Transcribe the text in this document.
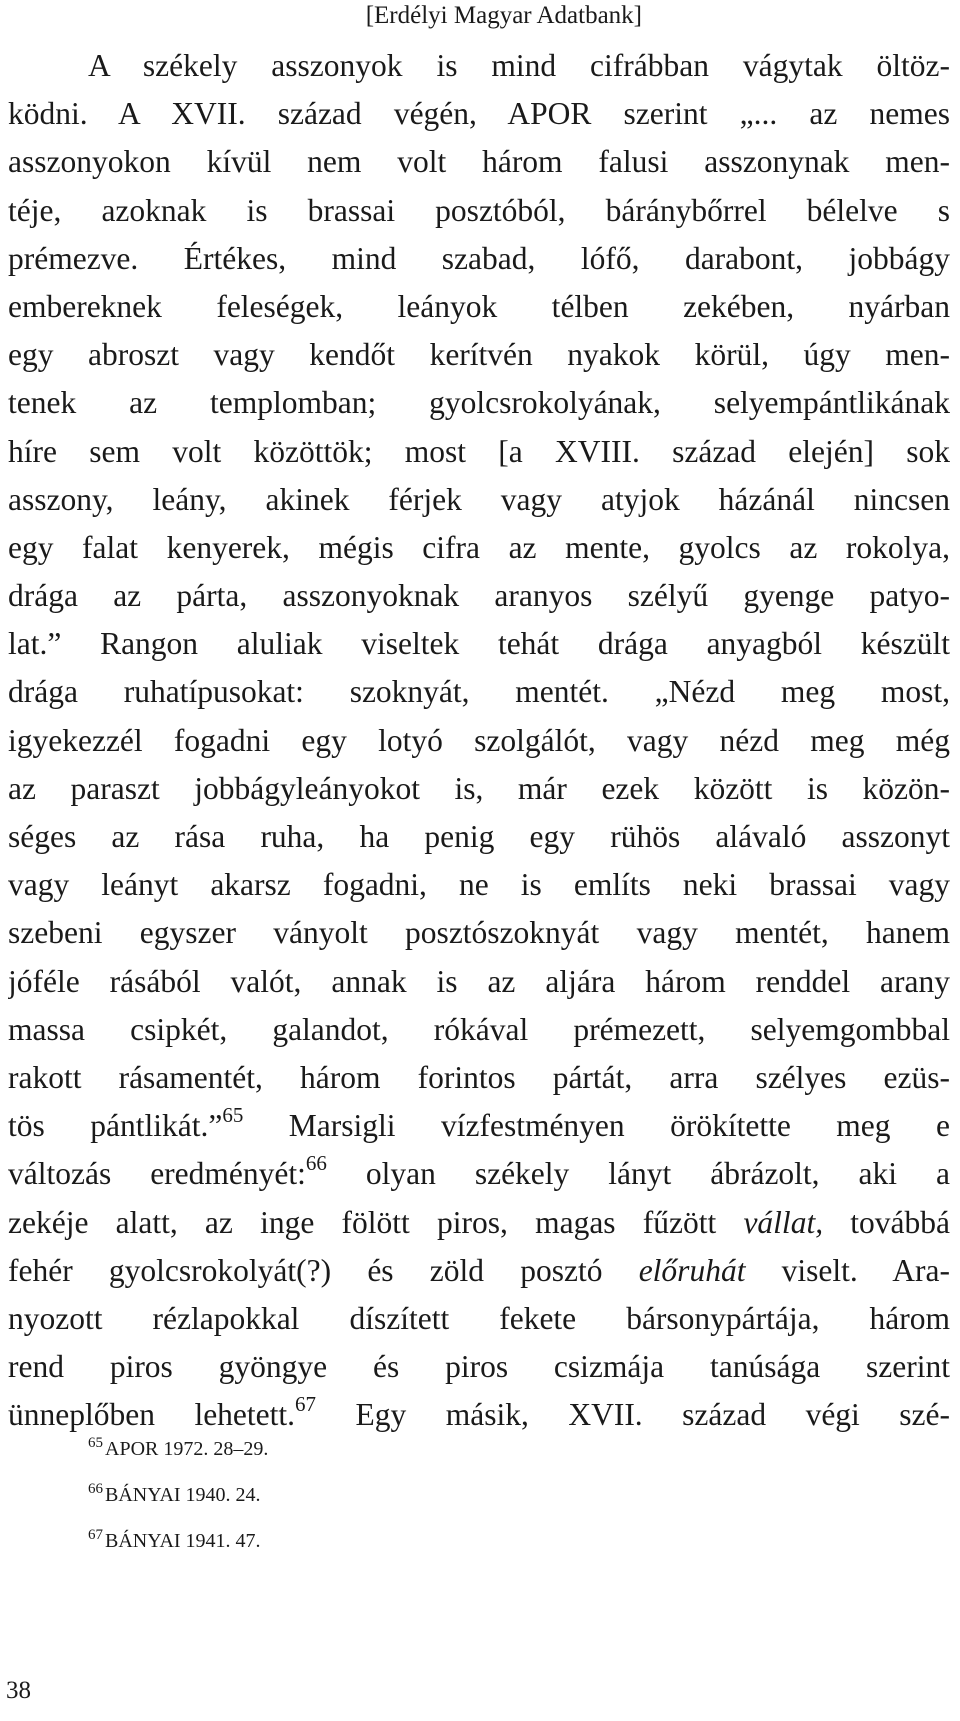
[Erdélyi Magyar Adatbank]
A székely asszonyok is mind cifrábban vágytak öltöz-
ködni. A XVII. század végén, APOR szerint „... az nemes
asszonyokon kívül nem volt három falusi asszonynak men-
téje, azoknak is brassai posztóból, báránybőrrel bélelve s
prémezve. Értékes, mind szabad, lófő, darabont, jobbágy
embereknek feleségek, leányok télben zekében, nyárban
egy abroszt vagy kendőt kerítvén nyakok körül, úgy men-
tenek az templomban; gyolcsrokolyának, selyempántlikának
híre sem volt közöttök; most [a XVIII. század elején] sok
asszony, leány, akinek férjek vagy atyjok házánál nincsen
egy falat kenyerek, mégis cifra az mente, gyolcs az rokolya,
drága az párta, asszonyoknak aranyos szélyű gyenge patyo-
lat.” Rangon aluliak viseltek tehát drága anyagból készült
drága ruhatípusokat: szoknyát, mentét. „Nézd meg most,
igyekezzél fogadni egy lotyó szolgálót, vagy nézd meg még
az paraszt jobbágyleányokot is, már ezek között is közön-
séges az rása ruha, ha penig egy rühös alávaló asszonyt
vagy leányt akarsz fogadni, ne is említs neki brassai vagy
szebeni egyszer ványolt posztószoknyát vagy mentét, hanem
jóféle rásából valót, annak is az aljára három renddel arany
massa csipkét, galandot, rókával prémezett, selyemgombbal
rakott rásamentét, három forintos pártát, arra szélyes ezüs-
tös pántlikát.”$^{65}$ Marsigli vízfestményen örökítette meg e
változás eredményét:$^{66}$ olyan székely lányt ábrázolt, aki a
zekéje alatt, az inge fölött piros, magas fűzött vállat, továbbá
fehér gyolcsrokolyát(?) és zöld posztó előruhát viselt. Ara-
nyozott rézlapokkal díszített fekete bársonypártája, három
rend piros gyöngye és piros csizmája tanúsága szerint
ünneplőben lehetett.$^{67}$ Egy másik, XVII. század végi szé-
$^{65}$ APOR 1972. 28–29.
$^{66}$ BÁNYAI 1940. 24.
$^{67}$ BÁNYAI 1941. 47.
38
